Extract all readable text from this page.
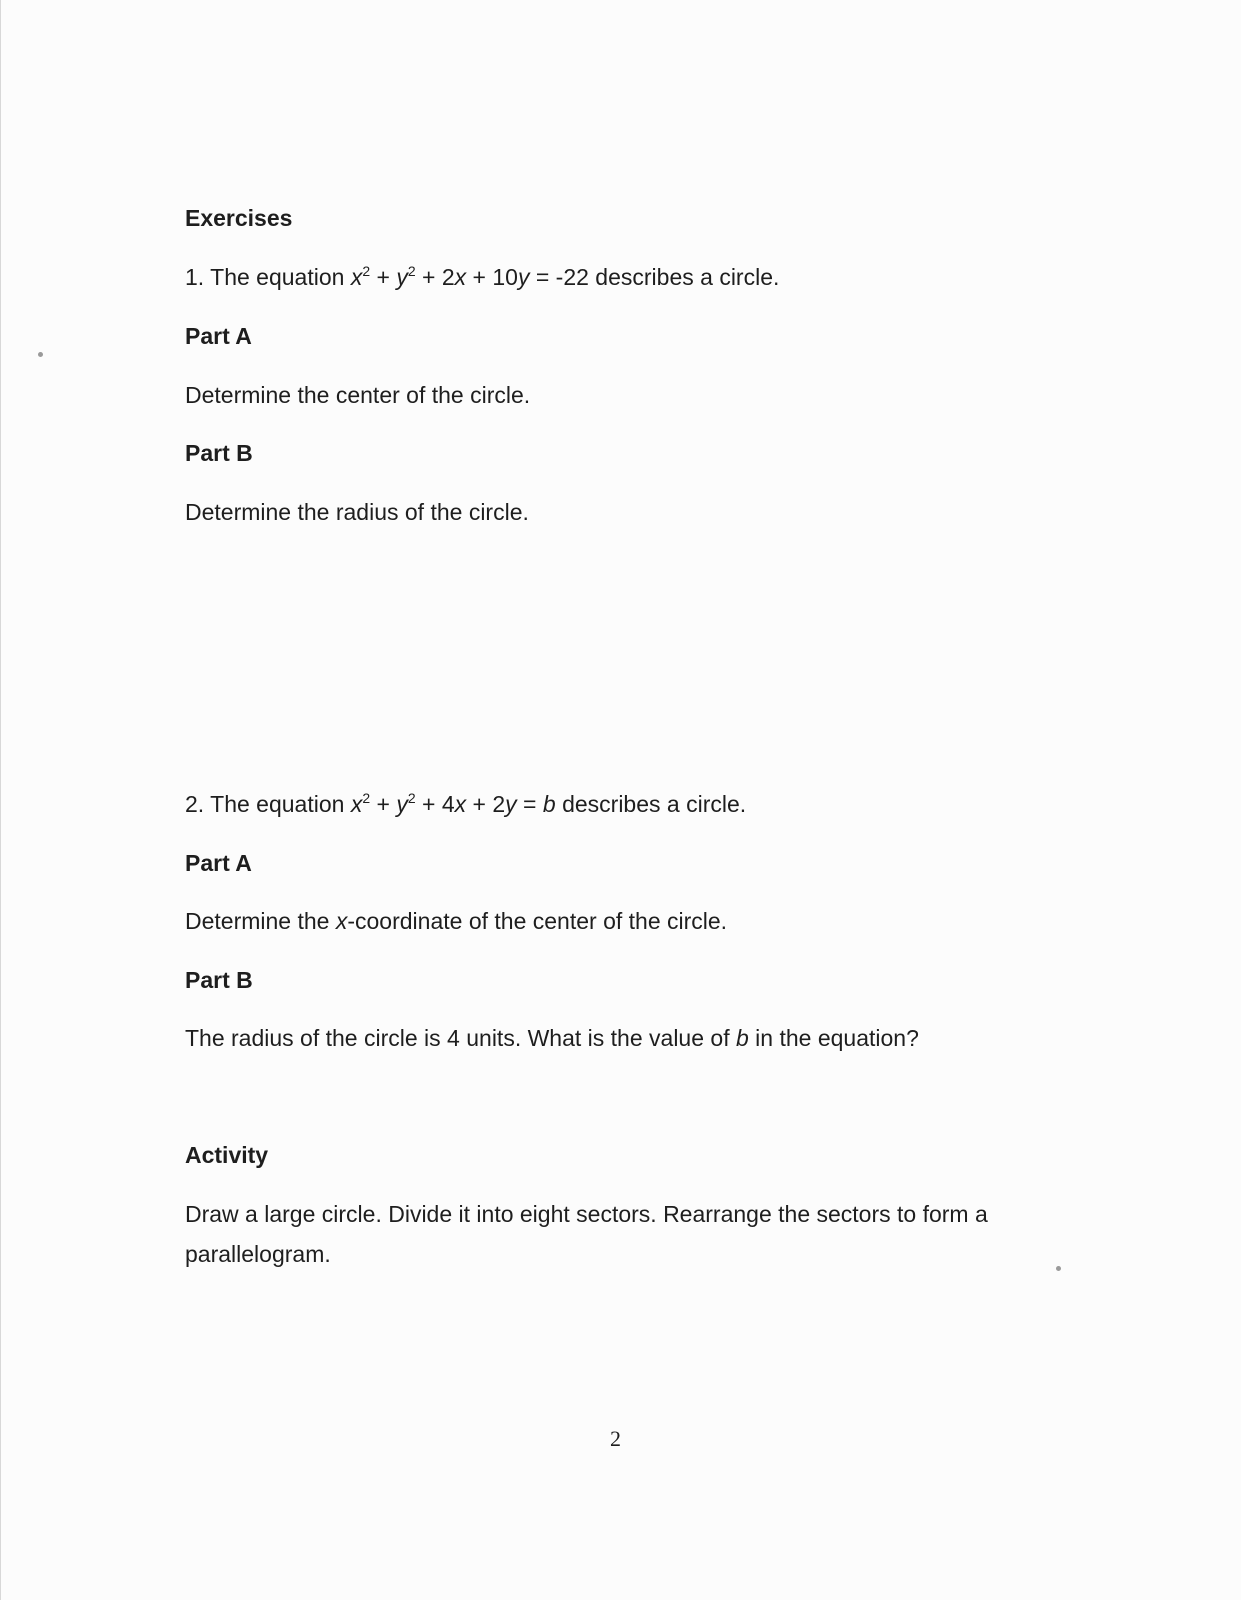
Exercises
1. The equation $x^2 + y^2 + 2x + 10y = -22$ describes a circle.
Part A
Determine the center of the circle.
Part B
Determine the radius of the circle.
2. The equation $x^2 + y^2 + 4x + 2y = b$ describes a circle.
Part A
Determine the x-coordinate of the center of the circle.
Part B
The radius of the circle is 4 units. What is the value of b in the equation?
Activity
Draw a large circle. Divide it into eight sectors. Rearrange the sectors to form a parallelogram.
2
